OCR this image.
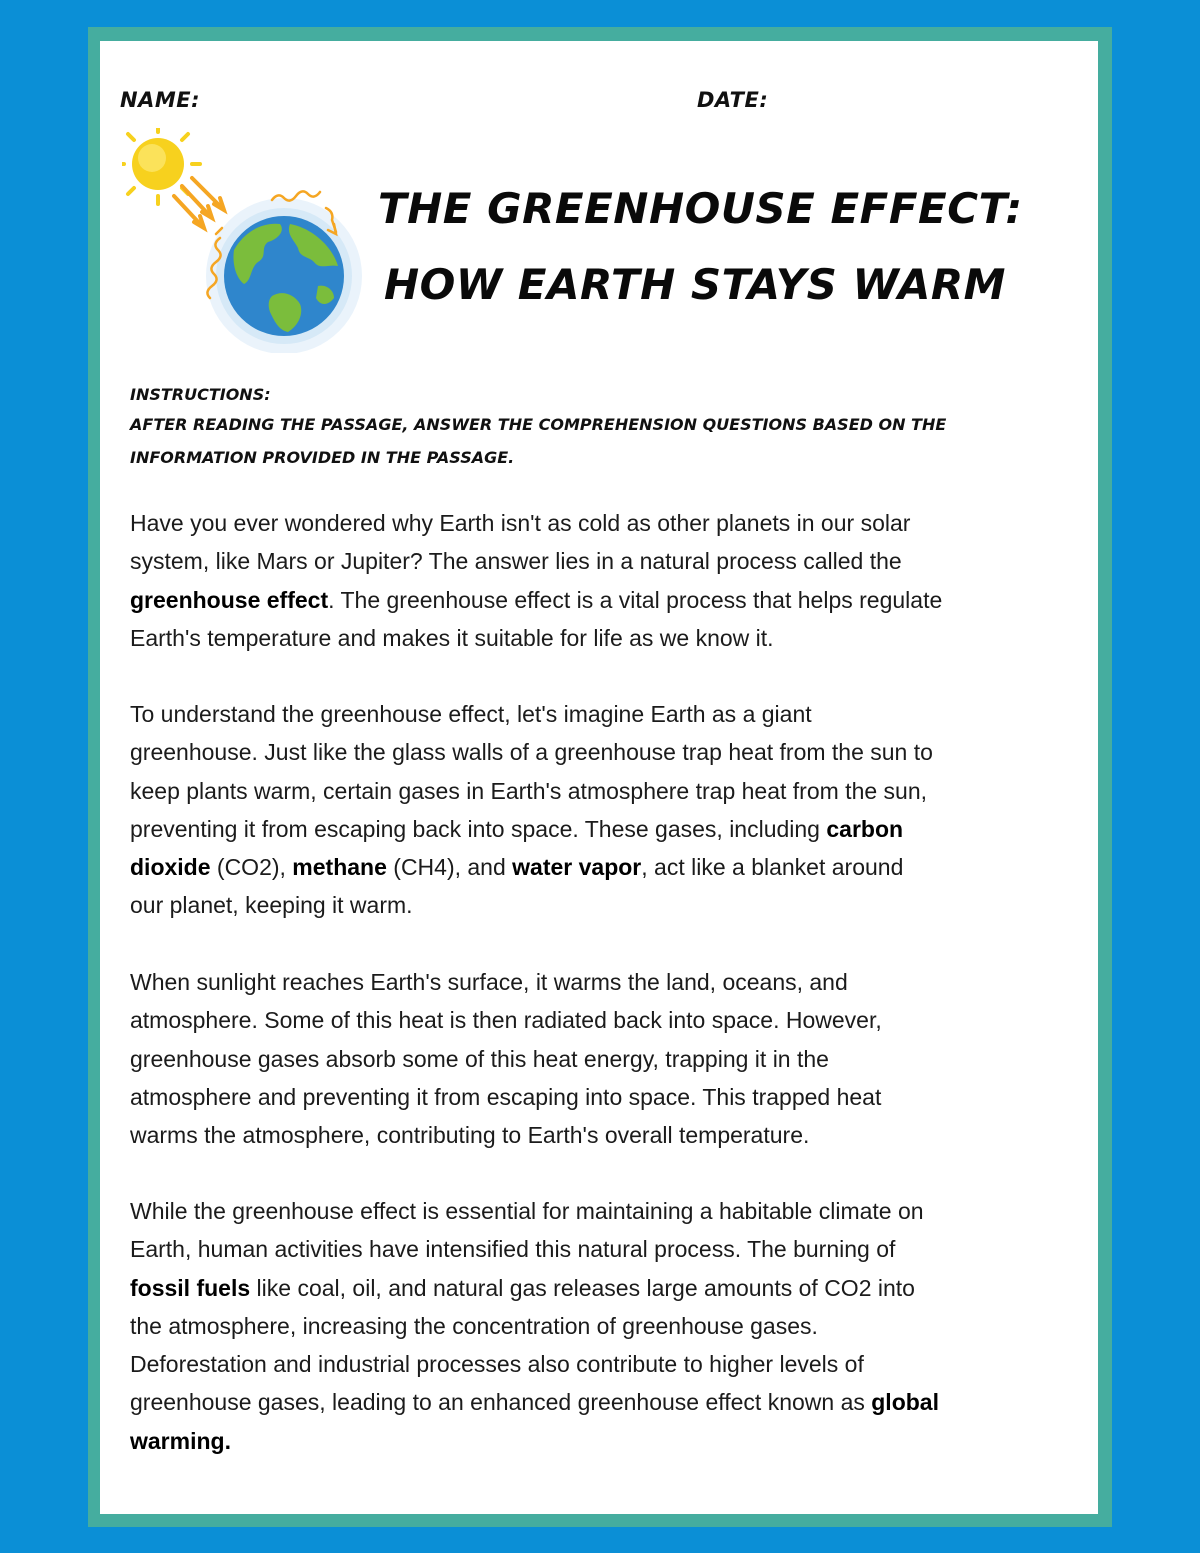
NAME:	DATE:
THE GREENHOUSE EFFECT:
HOW EARTH STAYS WARM
INSTRUCTIONS:
AFTER READING THE PASSAGE, ANSWER THE COMPREHENSION QUESTIONS BASED ON THE
INFORMATION PROVIDED IN THE PASSAGE.
Have you ever wondered why Earth isn't as cold as other planets in our solar
system, like Mars or Jupiter? The answer lies in a natural process called the
greenhouse effect. The greenhouse effect is a vital process that helps regulate
Earth's temperature and makes it suitable for life as we know it.
To understand the greenhouse effect, let's imagine Earth as a giant
greenhouse. Just like the glass walls of a greenhouse trap heat from the sun to
keep plants warm, certain gases in Earth's atmosphere trap heat from the sun,
preventing it from escaping back into space. These gases, including carbon
dioxide (CO2), methane (CH4), and water vapor, act like a blanket around
our planet, keeping it warm.
When sunlight reaches Earth's surface, it warms the land, oceans, and
atmosphere. Some of this heat is then radiated back into space. However,
greenhouse gases absorb some of this heat energy, trapping it in the
atmosphere and preventing it from escaping into space. This trapped heat
warms the atmosphere, contributing to Earth's overall temperature.
While the greenhouse effect is essential for maintaining a habitable climate on
Earth, human activities have intensified this natural process. The burning of
fossil fuels like coal, oil, and natural gas releases large amounts of CO2 into
the atmosphere, increasing the concentration of greenhouse gases.
Deforestation and industrial processes also contribute to higher levels of
greenhouse gases, leading to an enhanced greenhouse effect known as global
warming.
